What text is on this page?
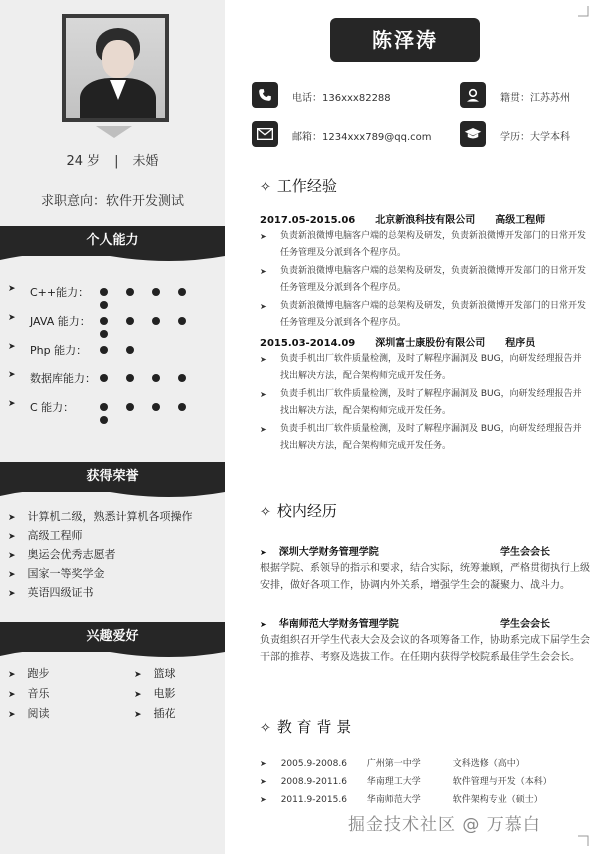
24 岁 | 未婚
求职意向：软件开发测试
个人能力
➤ C++能力：
➤ JAVA 能力：
➤ Php 能力：
➤ 数据库能力：
➤ C 能力：
获得荣誉
➤ 计算机二级，熟悉计算机各项操作
➤ 高级工程师
➤ 奥运会优秀志愿者
➤ 国家一等奖学金
➤ 英语四级证书
兴趣爱好
➤ 跑步	➤ 篮球
➤ 音乐	➤ 电影
➤ 阅读	➤ 插花
陈泽涛
电话：136xxx82288	籍贯：江苏苏州
邮箱：1234xxx789@qq.com	学历：大学本科
✧ 工作经验
2017.05-2015.06 北京新浪科技有限公司 高级工程师
➤ 负责新浪微博电脑客户端的总架构及研发，负责新浪微博开发部门的日常开发任务管理及分派到各个程序员。
➤ 负责新浪微博电脑客户端的总架构及研发，负责新浪微博开发部门的日常开发任务管理及分派到各个程序员。
➤ 负责新浪微博电脑客户端的总架构及研发，负责新浪微博开发部门的日常开发任务管理及分派到各个程序员。
2015.03-2014.09 深圳富士康股份有限公司 程序员
➤ 负责手机出厂软件质量检测，及时了解程序漏洞及 BUG，向研发经理报告并找出解决方法，配合架构师完成开发任务。
➤ 负责手机出厂软件质量检测，及时了解程序漏洞及 BUG，向研发经理报告并找出解决方法，配合架构师完成开发任务。
➤ 负责手机出厂软件质量检测，及时了解程序漏洞及 BUG，向研发经理报告并找出解决方法，配合架构师完成开发任务。
✧ 校内经历
➤ 深圳大学财务管理学院	学生会会长
根据学院、系领导的指示和要求，结合实际，统筹兼顾，严格贯彻执行上级安排，做好各项工作，协调内外关系，增强学生会的凝聚力、战斗力。
➤ 华南师范大学财务管理学院	学生会会长
负责组织召开学生代表大会及会议的各项筹备工作，协助系完成下届学生会干部的推荐、考察及选拔工作。在任期内获得学校院系最佳学生会会长。
✧ 教 育 背 景
➤ 2005.9-2008.6 广州第一中学	文科选修（高中）
➤ 2008.9-2011.6 华南理工大学	软件管理与开发（本科）
➤ 2011.9-2015.6 华南师范大学	软件架构专业（硕士）
掘金技术社区 @ 万慕白
